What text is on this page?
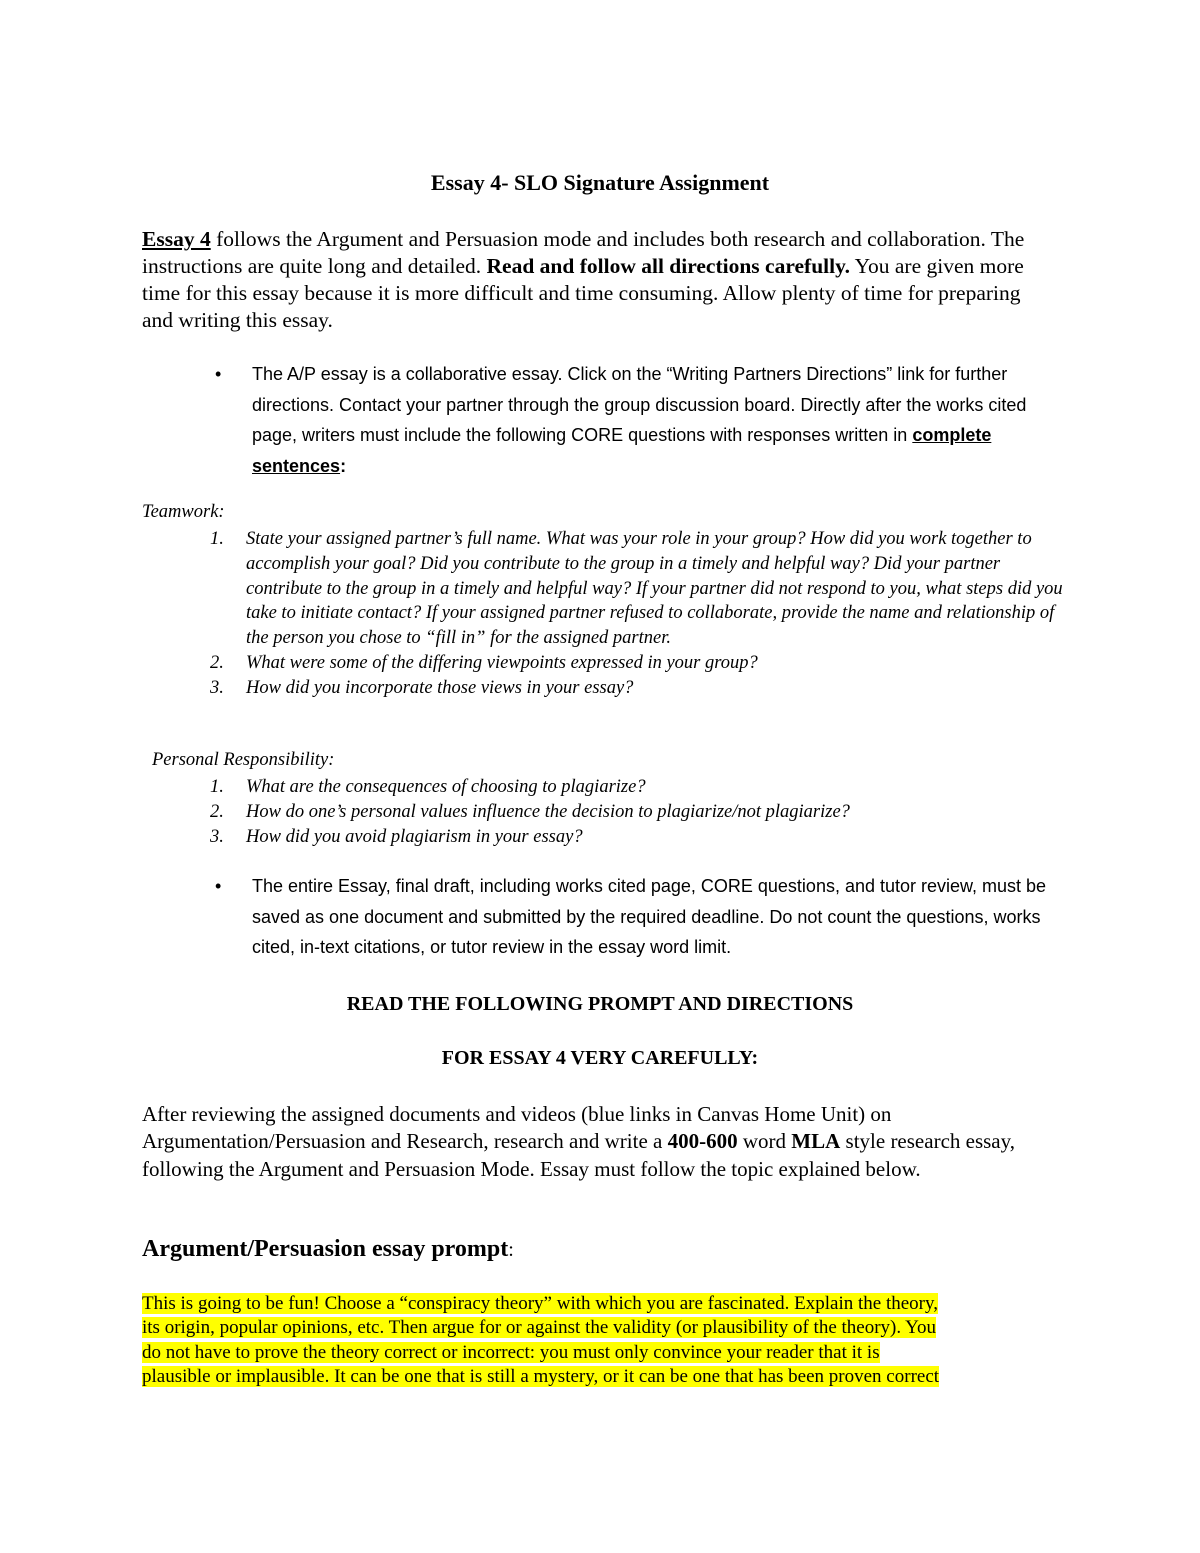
Essay 4- SLO Signature Assignment
Essay 4 follows the Argument and Persuasion mode and includes both research and collaboration. The instructions are quite long and detailed. Read and follow all directions carefully. You are given more time for this essay because it is more difficult and time consuming. Allow plenty of time for preparing and writing this essay.
• The A/P essay is a collaborative essay. Click on the “Writing Partners Directions” link for further directions. Contact your partner through the group discussion board. Directly after the works cited page, writers must include the following CORE questions with responses written in complete sentences:
Teamwork:
1.	State your assigned partner’s full name. What was your role in your group? How did you work together to accomplish your goal? Did you contribute to the group in a timely and helpful way? Did your partner contribute to the group in a timely and helpful way? If your partner did not respond to you, what steps did you take to initiate contact? If your assigned partner refused to collaborate, provide the name and relationship of the person you chose to “fill in” for the assigned partner.
2.	What were some of the differing viewpoints expressed in your group?
3.	How did you incorporate those views in your essay?
Personal Responsibility:
1.	What are the consequences of choosing to plagiarize?
2.	How do one’s personal values influence the decision to plagiarize/not plagiarize?
3.	How did you avoid plagiarism in your essay?
• The entire Essay, final draft, including works cited page, CORE questions, and tutor review, must be saved as one document and submitted by the required deadline. Do not count the questions, works cited, in-text citations, or tutor review in the essay word limit.
READ THE FOLLOWING PROMPT AND DIRECTIONS
FOR ESSAY 4 VERY CAREFULLY:
After reviewing the assigned documents and videos (blue links in Canvas Home Unit) on Argumentation/Persuasion and Research, research and write a 400-600 word MLA style research essay, following the Argument and Persuasion Mode. Essay must follow the topic explained below.
Argument/Persuasion essay prompt:
This is going to be fun! Choose a “conspiracy theory” with which you are fascinated. Explain the theory,
its origin, popular opinions, etc. Then argue for or against the validity (or plausibility of the theory). You
do not have to prove the theory correct or incorrect: you must only convince your reader that it is
plausible or implausible. It can be one that is still a mystery, or it can be one that has been proven correct
